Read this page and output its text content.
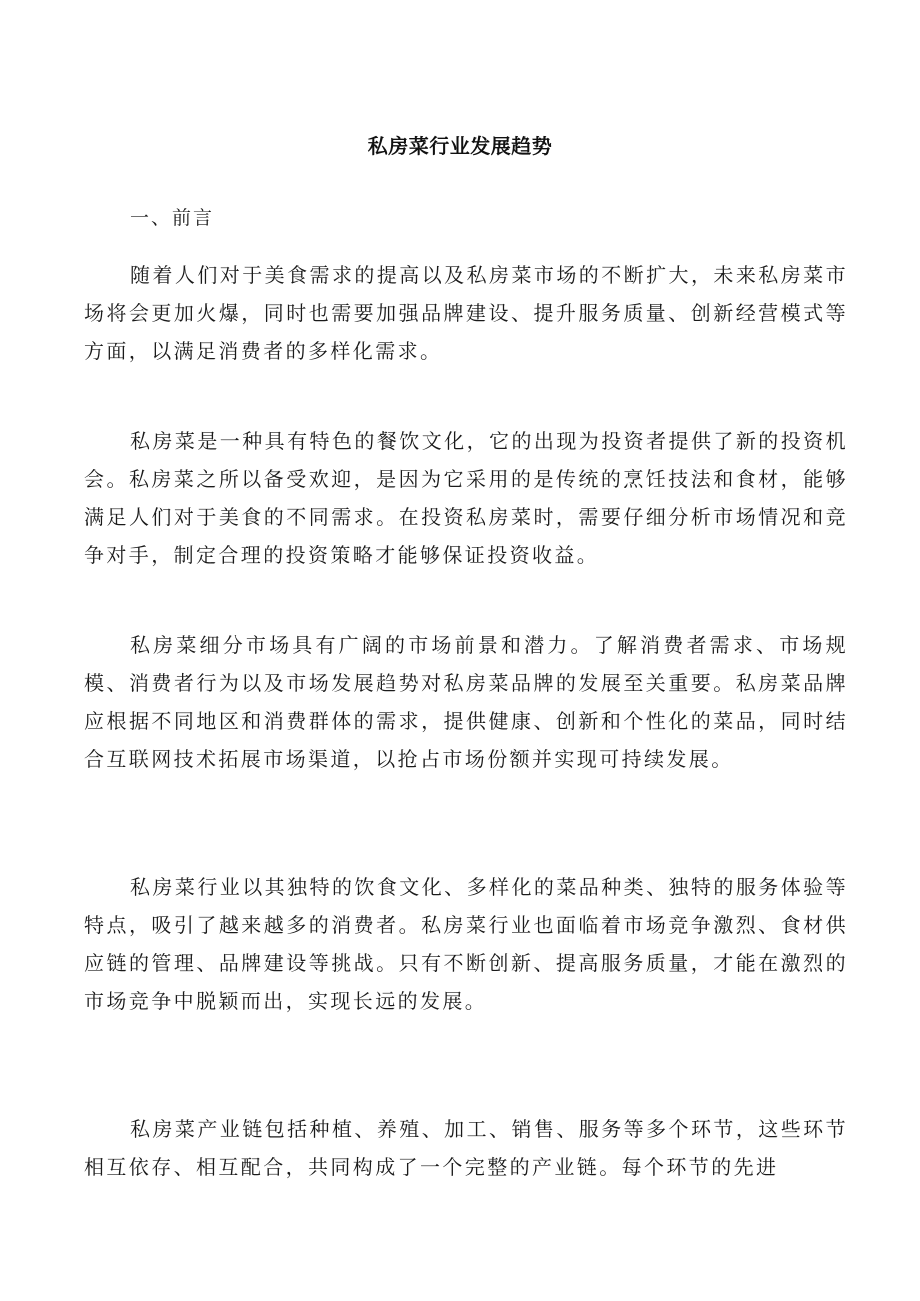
私房菜行业发展趋势
一、前言

随着人们对于美食需求的提高以及私房菜市场的不断扩大，未来私房菜市场将会更加火爆，同时也需要加强品牌建设、提升服务质量、创新经营模式等方面，以满足消费者的多样化需求。

私房菜是一种具有特色的餐饮文化，它的出现为投资者提供了新的投资机会。私房菜之所以备受欢迎，是因为它采用的是传统的烹饪技法和食材，能够满足人们对于美食的不同需求。在投资私房菜时，需要仔细分析市场情况和竞争对手，制定合理的投资策略才能够保证投资收益。

私房菜细分市场具有广阔的市场前景和潜力。了解消费者需求、市场规模、消费者行为以及市场发展趋势对私房菜品牌的发展至关重要。私房菜品牌应根据不同地区和消费群体的需求，提供健康、创新和个性化的菜品，同时结合互联网技术拓展市场渠道，以抢占市场份额并实现可持续发展。

私房菜行业以其独特的饮食文化、多样化的菜品种类、独特的服务体验等特点，吸引了越来越多的消费者。私房菜行业也面临着市场竞争激烈、食材供应链的管理、品牌建设等挑战。只有不断创新、提高服务质量，才能在激烈的市场竞争中脱颖而出，实现长远的发展。

私房菜产业链包括种植、养殖、加工、销售、服务等多个环节，这些环节相互依存、相互配合，共同构成了一个完整的产业链。每个环节的先进
